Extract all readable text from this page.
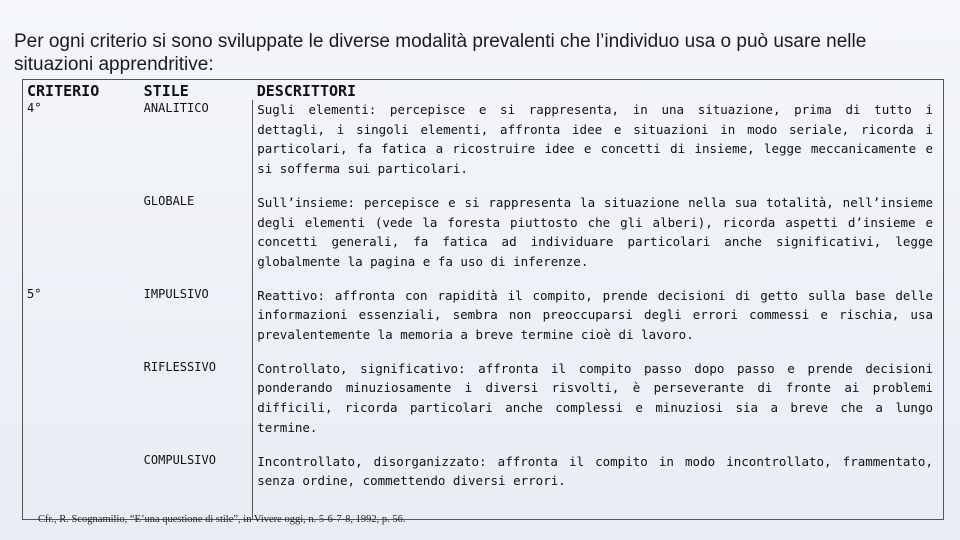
Per ogni criterio si sono sviluppate le diverse modalità prevalenti che l’individuo usa o può usare nelle situazioni apprendritive:

CRITERIO	STILE	DESCRITTORI
4°	ANALITICO	Sugli elementi: percepisce e si rappresenta, in una situazione, prima di tutto i dettagli, i singoli elementi, affronta idee e situazioni in modo seriale, ricorda i particolari, fa fatica a ricostruire idee e concetti di insieme, legge meccanicamente e si sofferma sui particolari.
	GLOBALE	Sull’insieme: percepisce e si rappresenta la situazione nella sua totalità, nell’insieme degli elementi (vede la foresta piuttosto che gli alberi), ricorda aspetti d’insieme e concetti generali, fa fatica ad individuare particolari anche significativi, legge globalmente la pagina e fa uso di inferenze.
5°	IMPULSIVO	Reattivo: affronta con rapidità il compito, prende decisioni di getto sulla base delle informazioni essenziali, sembra non preoccuparsi degli errori commessi e rischia, usa prevalentemente la memoria a breve termine cioè di lavoro.
	RIFLESSIVO	Controllato, significativo: affronta il compito passo dopo passo e prende decisioni ponderando minuziosamente i diversi risvolti, è perseverante di fronte ai problemi difficili, ricorda particolari anche complessi e minuziosi sia a breve che a lungo termine.
	COMPULSIVO	Incontrollato, disorganizzato: affronta il compito in modo incontrollato, frammentato, senza ordine, commettendo diversi errori.
Cfr., R. Scognamilio, “E’una questione di stile”, in Vivere oggi, n. 5-6-7-8, 1992, p. 56.
